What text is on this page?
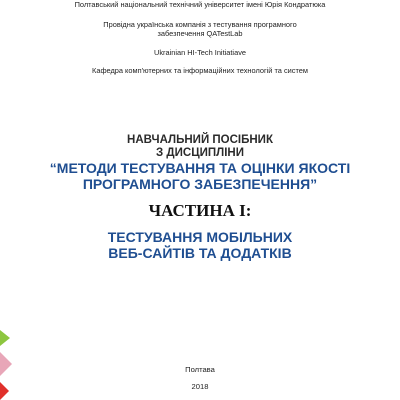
Полтавський національний технічний університет імені Юрія Кондратюка
Провідна українська компанія з тестування програмного
забезпечення QATestLab
Ukrainian HI-Tech Initiatiave
Кафедра комп'ютерних та інформаційних технологій та систем
НАВЧАЛЬНИЙ ПОСІБНИК
З ДИСЦИПЛІНИ
“МЕТОДИ ТЕСТУВАННЯ ТА ОЦІНКИ ЯКОСТІ
ПРОГРАМНОГО ЗАБЕЗПЕЧЕННЯ”
ЧАСТИНА І:
ТЕСТУВАННЯ МОБІЛЬНИХ
ВЕБ-САЙТІВ ТА ДОДАТКІВ
Полтава
2018
